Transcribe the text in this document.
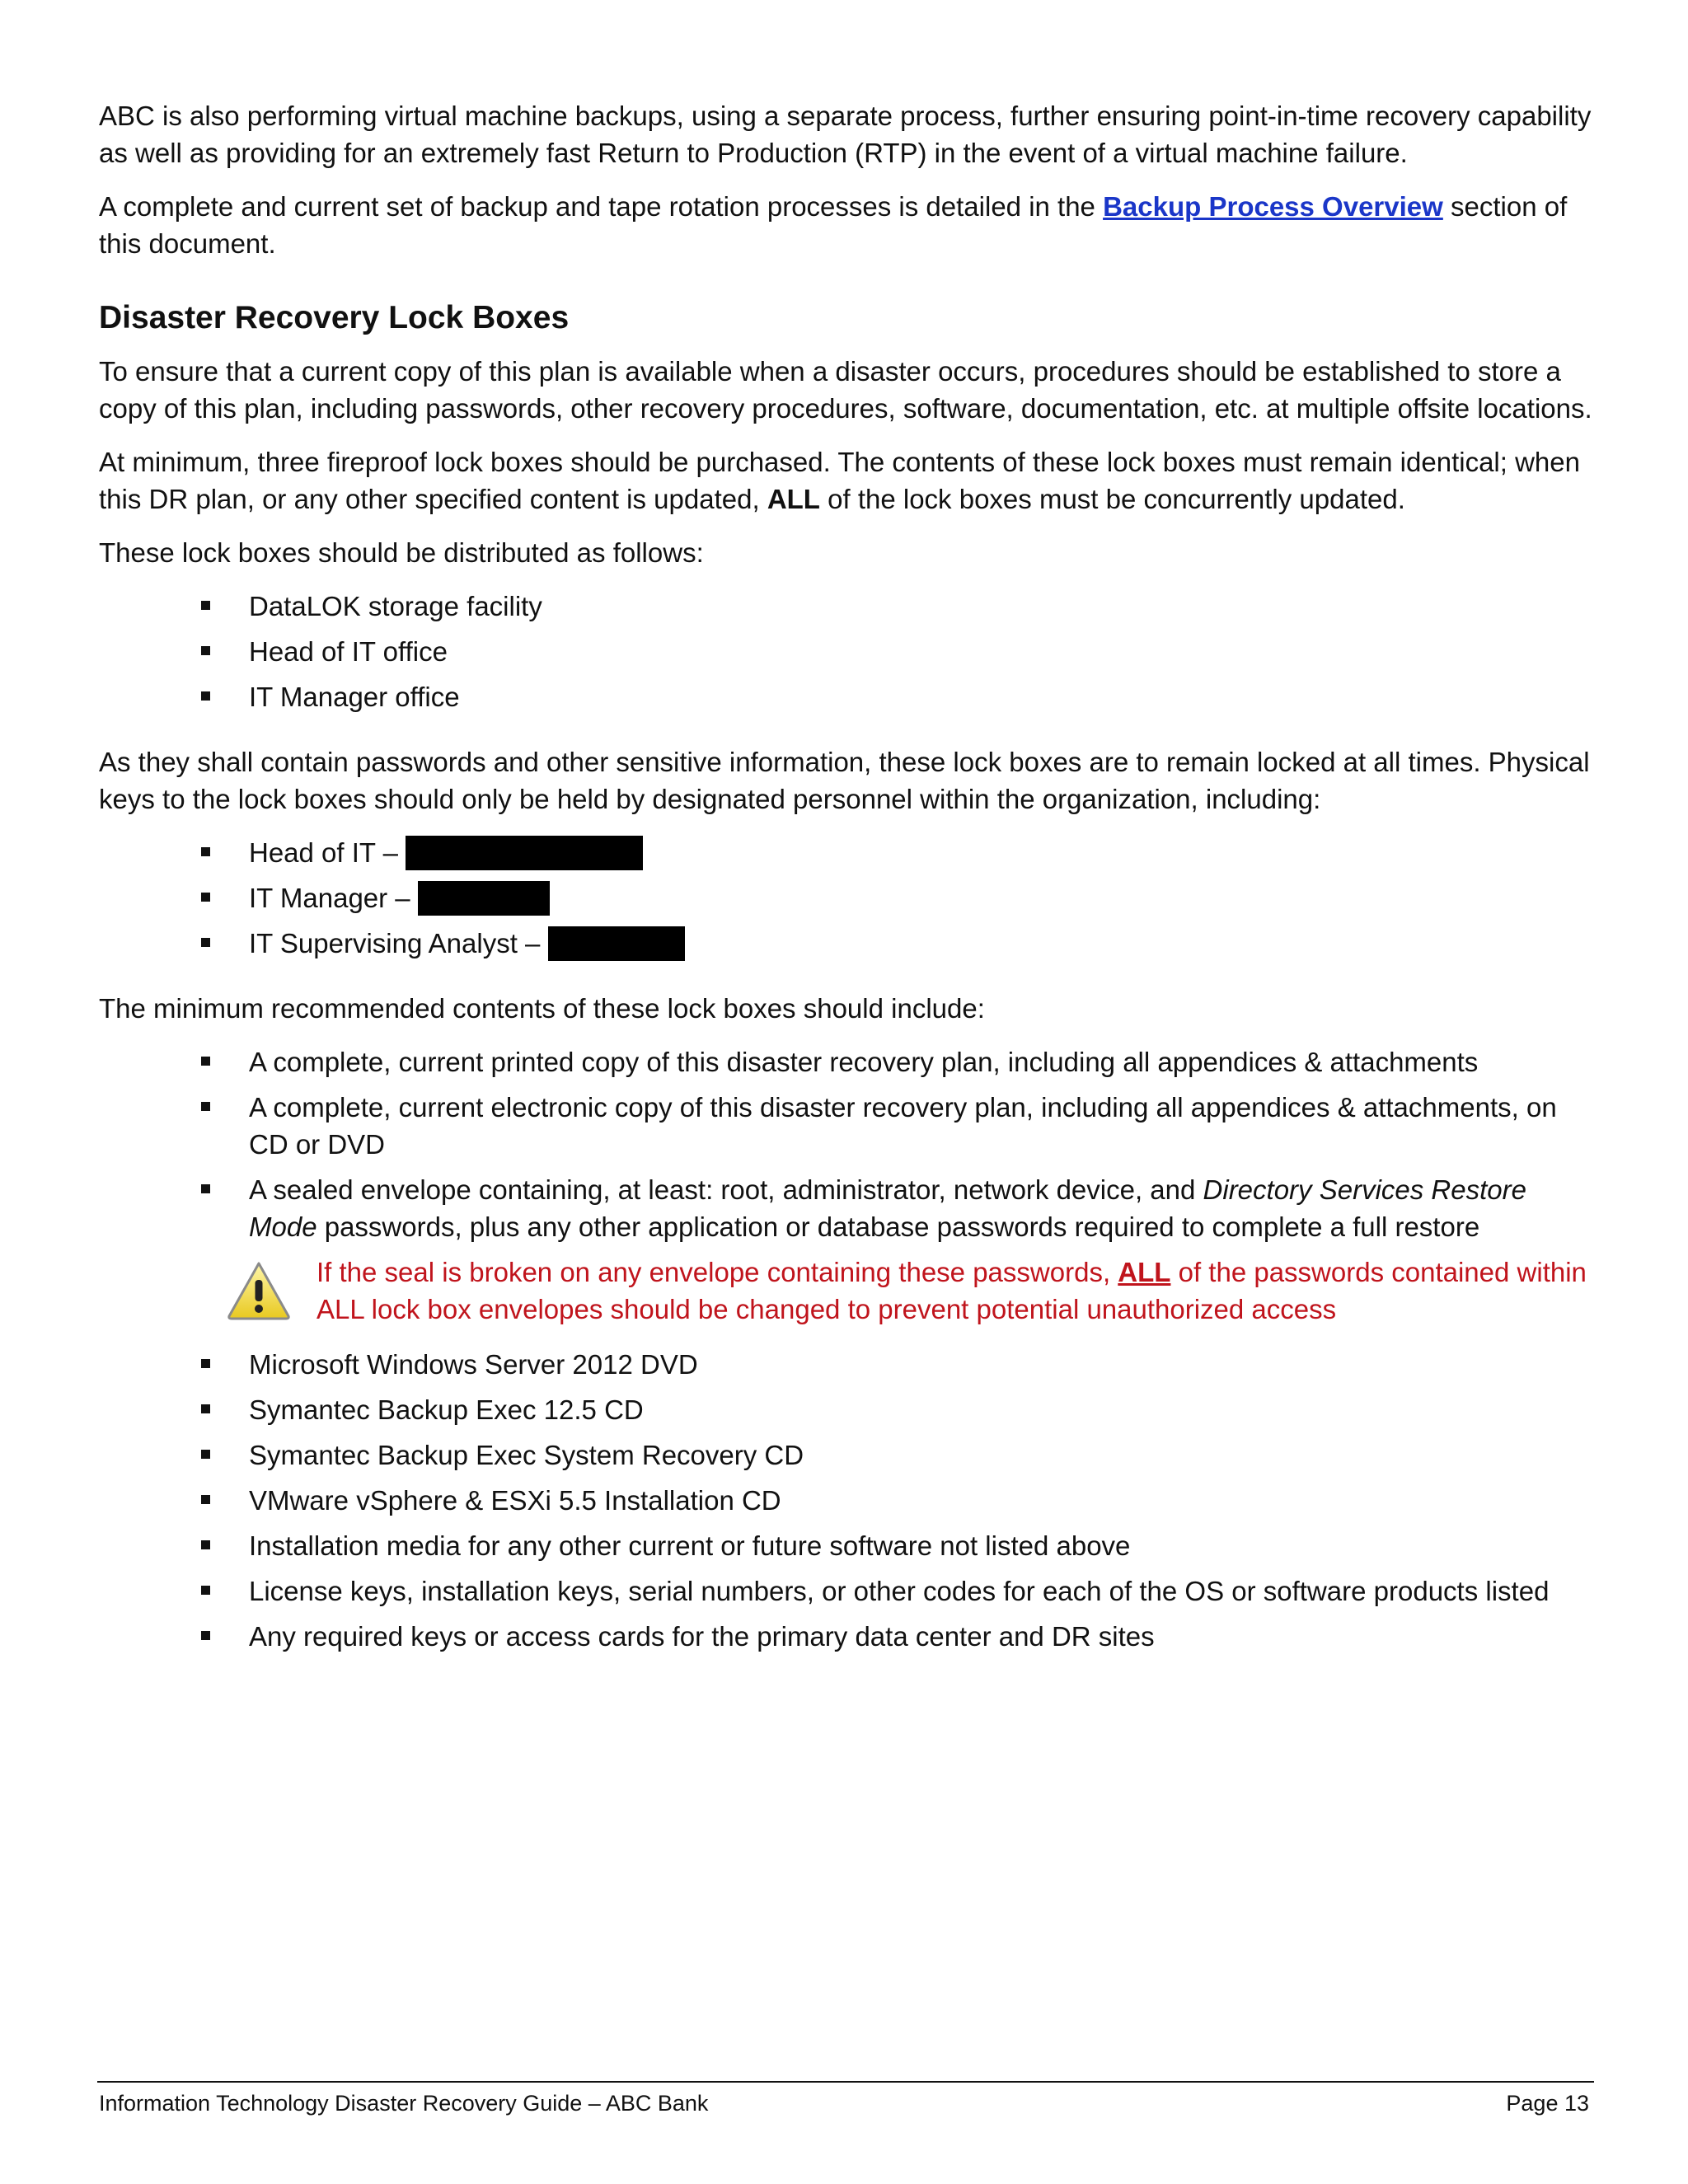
ABC is also performing virtual machine backups, using a separate process, further ensuring point-in-time recovery capability as well as providing for an extremely fast Return to Production (RTP) in the event of a virtual machine failure.

A complete and current set of backup and tape rotation processes is detailed in the Backup Process Overview section of this document.

Disaster Recovery Lock Boxes

To ensure that a current copy of this plan is available when a disaster occurs, procedures should be established to store a copy of this plan, including passwords, other recovery procedures, software, documentation, etc. at multiple offsite locations.

At minimum, three fireproof lock boxes should be purchased. The contents of these lock boxes must remain identical; when this DR plan, or any other specified content is updated, ALL of the lock boxes must be concurrently updated.

These lock boxes should be distributed as follows:

DataLOK storage facility
Head of IT office
IT Manager office

As they shall contain passwords and other sensitive information, these lock boxes are to remain locked at all times. Physical keys to the lock boxes should only be held by designated personnel within the organization, including:

Head of IT –
IT Manager –
IT Supervising Analyst –

The minimum recommended contents of these lock boxes should include:

A complete, current printed copy of this disaster recovery plan, including all appendices & attachments
A complete, current electronic copy of this disaster recovery plan, including all appendices & attachments, on CD or DVD
A sealed envelope containing, at least: root, administrator, network device, and Directory Services Restore Mode passwords, plus any other application or database passwords required to complete a full restore
If the seal is broken on any envelope containing these passwords, ALL of the passwords contained within ALL lock box envelopes should be changed to prevent potential unauthorized access
Microsoft Windows Server 2012 DVD
Symantec Backup Exec 12.5 CD
Symantec Backup Exec System Recovery CD
VMware vSphere & ESXi 5.5 Installation CD
Installation media for any other current or future software not listed above
License keys, installation keys, serial numbers, or other codes for each of the OS or software products listed
Any required keys or access cards for the primary data center and DR sites
Information Technology Disaster Recovery Guide – ABC Bank	Page 13
